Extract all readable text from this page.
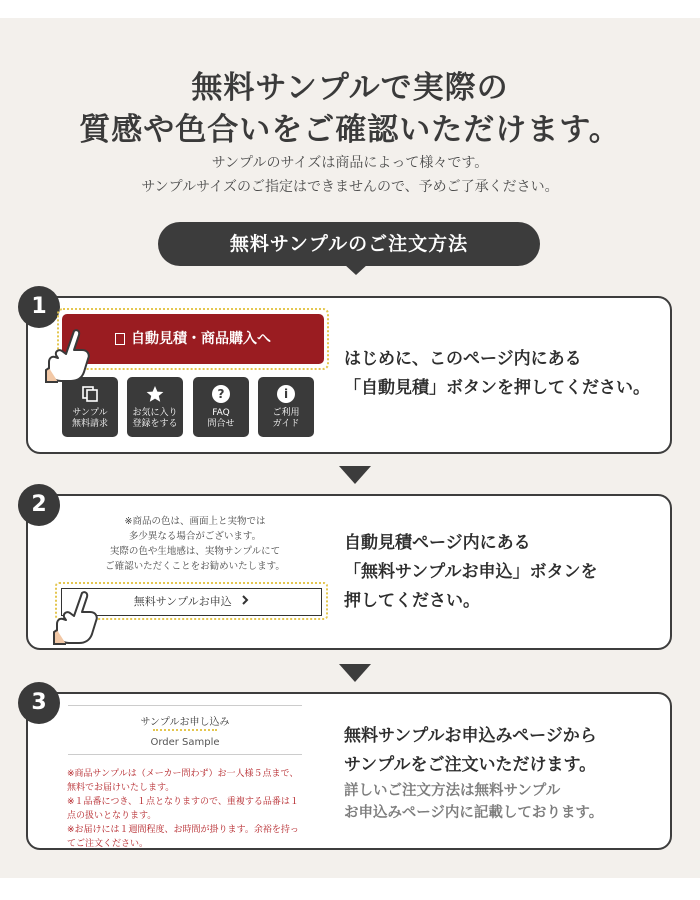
無料サンプルで実際の
質感や色合いをご確認いただけます。
サンプルのサイズは商品によって様々です。
サンプルサイズのご指定はできませんので、予めご了承ください。
無料サンプルのご注文方法
1
自動見積・商品購入へ
サンプル
無料請求
お気に入り
登録をする
?
FAQ
問合せ
i
ご利用
ガイド
はじめに、このページ内にある
「自動見積」ボタンを押してください。
2
※商品の色は、画面上と実物では
多少異なる場合がございます。
実際の色や生地感は、実物サンプルにて
ご確認いただくことをお勧めいたします。
無料サンプルお申込
自動見積ページ内にある
「無料サンプルお申込」ボタンを
押してください。
3
サンプルお申し込み
Order Sample
※商品サンプルは（メーカー問わず）お一人様５点まで、
無料でお届けいたします。
※１品番につき、１点となりますので、重複する品番は１
点の扱いとなります。
※お届けには１週間程度、お時間が掛ります。余裕を持っ
てご注文ください。
無料サンプルお申込みページから
サンプルをご注文いただけます。
詳しいご注文方法は無料サンプル
お申込みページ内に記載しております。
